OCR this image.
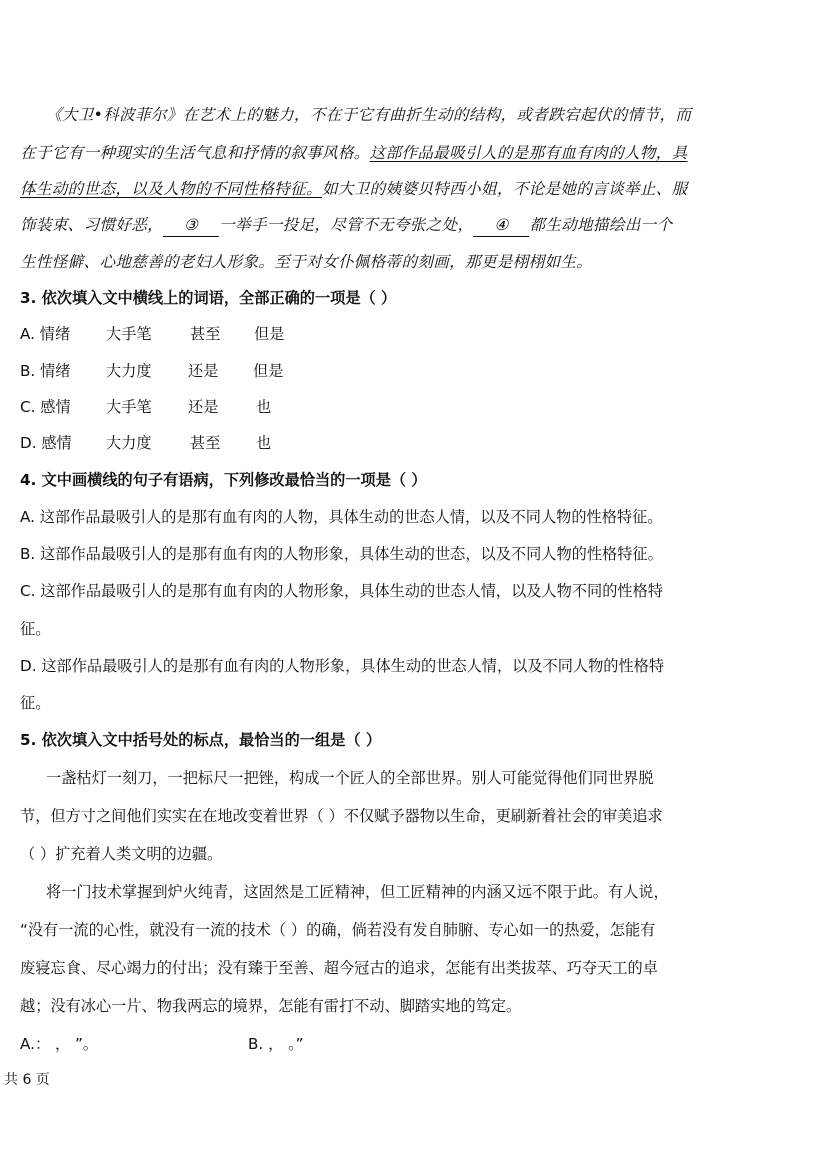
《大卫•科波菲尔》在艺术上的魅力，不在于它有曲折生动的结构，或者跌宕起伏的情节，而
在于它有一种现实的生活气息和抒情的叙事风格。这部作品最吸引人的是那有血有肉的人物，具
体生动的世态，以及人物的不同性格特征。如大卫的姨婆贝特西小姐，不论是她的言谈举止、服
饰装束、习惯好恶， ③ 一举手一投足，尽管不无夸张之处， ④ 都生动地描绘出一个
生性怪僻、心地慈善的老妇人形象。至于对女仆佩格蒂的刻画，那更是栩栩如生。
3. 依次填入文中横线上的词语，全部正确的一项是（ ）
A. 情绪 大手笔	甚至 但是
B. 情绪 大力度 还是 但是
C. 感情 大手笔 还是 也
D. 感情 大力度	甚至 也
4. 文中画横线的句子有语病，下列修改最恰当的一项是（ ）
A. 这部作品最吸引人的是那有血有肉的人物，具体生动的世态人情，以及不同人物的性格特征。
B. 这部作品最吸引人的是那有血有肉的人物形象，具体生动的世态，以及不同人物的性格特征。
C. 这部作品最吸引人的是那有血有肉的人物形象，具体生动的世态人情，以及人物不同的性格特
征。
D. 这部作品最吸引人的是那有血有肉的人物形象，具体生动的世态人情，以及不同人物的性格特
征。
5. 依次填入文中括号处的标点，最恰当的一组是（ ）
一盏枯灯一刻刀，一把标尺一把锉，构成一个匠人的全部世界。别人可能觉得他们同世界脱
节，但方寸之间他们实实在在地改变着世界（ ）不仅赋予器物以生命，更刷新着社会的审美追求
（ ）扩充着人类文明的边疆。
将一门技术掌握到炉火纯青，这固然是工匠精神，但工匠精神的内涵又远不限于此。有人说，
“没有一流的心性，就没有一流的技术（ ）的确，倘若没有发自肺腑、专心如一的热爱，怎能有
废寝忘食、尽心竭力的付出；没有臻于至善、超今冠古的追求，怎能有出类拔萃、巧夺天工的卓
越；没有冰心一片、物我两忘的境界，怎能有雷打不动、脚踏实地的笃定。
A.： ， ”。	B. ， 。”
共 6 页
